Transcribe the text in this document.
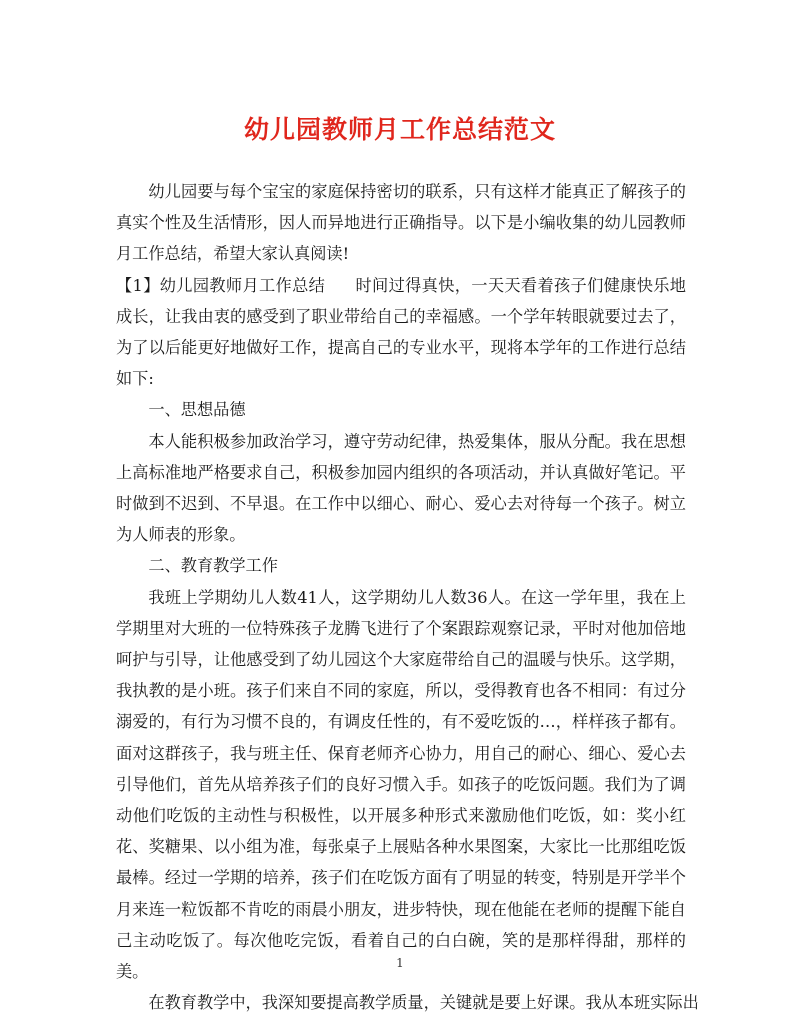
幼儿园教师月工作总结范文

幼儿园要与每个宝宝的家庭保持密切的联系，只有这样才能真正了解孩子的真实个性及生活情形，因人而异地进行正确指导。以下是小编收集的幼儿园教师月工作总结，希望大家认真阅读!

【1】幼儿园教师月工作总结 时间过得真快，一天天看着孩子们健康快乐地成长，让我由衷的感受到了职业带给自己的幸福感。一个学年转眼就要过去了，为了以后能更好地做好工作，提高自己的专业水平，现将本学年的工作进行总结如下:

一、思想品德

本人能积极参加政治学习，遵守劳动纪律，热爱集体，服从分配。我在思想上高标准地严格要求自己，积极参加园内组织的各项活动，并认真做好笔记。平时做到不迟到、不早退。在工作中以细心、耐心、爱心去对待每一个孩子。树立为人师表的形象。

二、教育教学工作

我班上学期幼儿人数41人，这学期幼儿人数36人。在这一学年里，我在上学期里对大班的一位特殊孩子龙腾飞进行了个案跟踪观察记录，平时对他加倍地呵护与引导，让他感受到了幼儿园这个大家庭带给自己的温暖与快乐。这学期，我执教的是小班。孩子们来自不同的家庭，所以，受得教育也各不相同：有过分溺爱的，有行为习惯不良的，有调皮任性的，有不爱吃饭的…，样样孩子都有。面对这群孩子，我与班主任、保育老师齐心协力，用自己的耐心、细心、爱心去引导他们，首先从培养孩子们的良好习惯入手。如孩子的吃饭问题。我们为了调动他们吃饭的主动性与积极性，以开展多种形式来激励他们吃饭，如：奖小红花、奖糖果、以小组为准，每张桌子上展贴各种水果图案，大家比一比那组吃饭最棒。经过一学期的培养，孩子们在吃饭方面有了明显的转变，特别是开学半个月来连一粒饭都不肯吃的雨晨小朋友，进步特快，现在他能在老师的提醒下能自己主动吃饭了。每次他吃完饭，看着自己的白白碗，笑的是那样得甜，那样的美。

在教育教学中，我深知要提高教学质量，关键就是要上好课。我从本班实际出

1
